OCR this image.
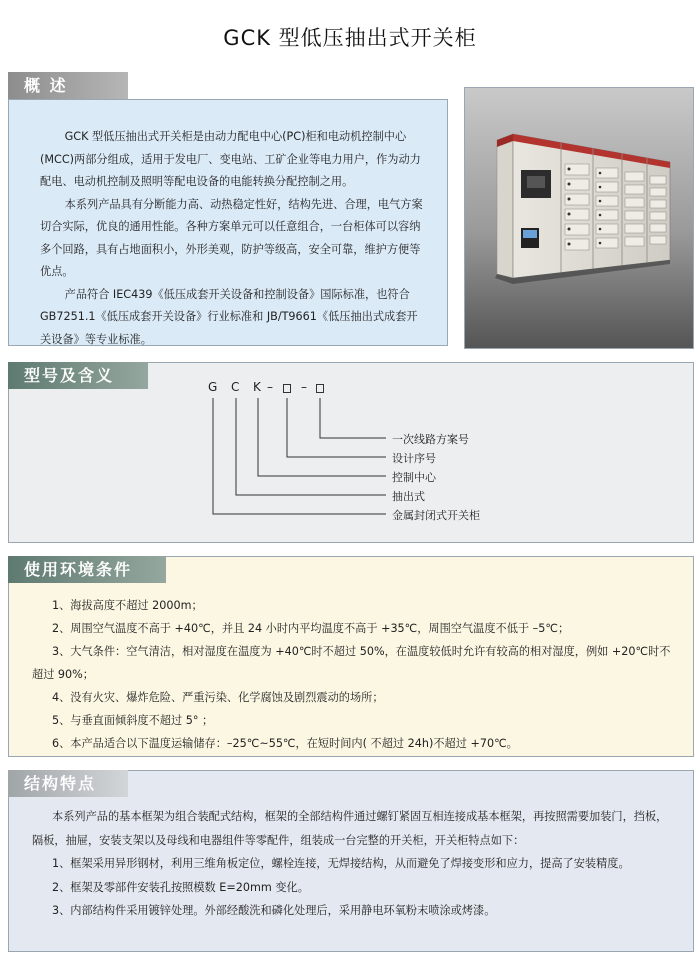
GCK 型低压抽出式开关柜
概 述

GCK 型低压抽出式开关柜是由动力配电中心(PC)柜和电动机控制中心(MCC)两部分组成，适用于发电厂、变电站、工矿企业等电力用户，作为动力配电、电动机控制及照明等配电设备的电能转换分配控制之用。

本系列产品具有分断能力高、动热稳定性好，结构先进、合理，电气方案切合实际，优良的通用性能。各种方案单元可以任意组合，一台柜体可以容纳多个回路，具有占地面积小，外形美观，防护等级高，安全可靠，维护方便等优点。

产品符合 IEC439《低压成套开关设备和控制设备》国际标准，也符合 GB7251.1《低压成套开关设备》行业标准和 JB/T9661《低压抽出式成套开关设备》等专业标准。

型号及含义
G C K – –
一次线路方案号
设计序号
控制中心
抽出式
金属封闭式开关柜
使用环境条件

1、海拔高度不超过 2000m；

2、周围空气温度不高于 +40℃，并且 24 小时内平均温度不高于 +35℃，周围空气温度不低于 –5℃；

3、大气条件：空气清洁，相对湿度在温度为 +40℃时不超过 50%，在温度较低时允许有较高的相对湿度，例如 +20℃时不超过 90%；

4、没有火灾、爆炸危险、严重污染、化学腐蚀及剧烈震动的场所；

5、与垂直面倾斜度不超过 5° ；

6、本产品适合以下温度运输储存：–25℃~55℃，在短时间内( 不超过 24h)不超过 +70℃。

结构特点

本系列产品的基本框架为组合装配式结构，框架的全部结构件通过螺钉紧固互相连接成基本框架，再按照需要加装门，挡板，隔板，抽屉，安装支架以及母线和电器组件等零配件，组装成一台完整的开关柜，开关柜特点如下：

1、框架采用异形钢材，利用三维角板定位，螺栓连接，无焊接结构，从而避免了焊接变形和应力，提高了安装精度。

2、框架及零部件安装孔按照模数 E=20mm 变化。

3、内部结构件采用镀锌处理。外部经酸洗和磷化处理后，采用静电环氧粉末喷涂或烤漆。
